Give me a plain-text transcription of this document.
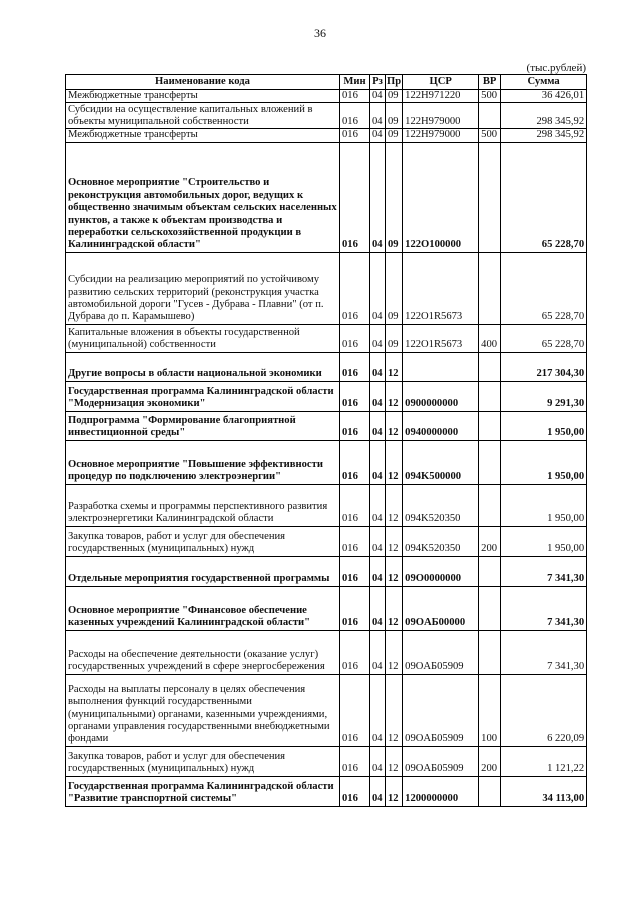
36
(тыс.рублей)
Наименование кода	Мин	Рз	Пр	ЦСР	ВР	Сумма
Межбюджетные трансферты	016	04	09	122H971220	500	36 426,01
Субсидии на осуществление капитальных вложений в объекты муниципальной собственности	016	04	09	122H979000		298 345,92
Межбюджетные трансферты	016	04	09	122H979000	500	298 345,92
Основное мероприятие "Строительство и реконструкция автомобильных дорог, ведущих к общественно значимым объектам сельских населенных пунктов, а также к объектам производства и переработки сельскохозяйственной продукции в Калининградской области"	016	04	09	122O100000		65 228,70
Субсидии на реализацию мероприятий по устойчивому развитию сельских территорий (реконструкция участка автомобильной дороги "Гусев - Дубрава - Плавни" (от п. Дубрава до п. Карамышево)	016	04	09	122O1R5673		65 228,70
Капитальные вложения в объекты государственной (муниципальной) собственности	016	04	09	122O1R5673	400	65 228,70
Другие вопросы в области национальной экономики	016	04	12			217 304,30
Государственная программа Калининградской области "Модернизация экономики"	016	04	12	0900000000		9 291,30
Подпрограмма "Формирование благоприятной инвестиционной среды"	016	04	12	0940000000		1 950,00
Основное мероприятие "Повышение эффективности процедур по подключению электроэнергии"	016	04	12	094K500000		1 950,00
Разработка схемы и программы перспективного развития электроэнергетики Калининградской области	016	04	12	094K520350		1 950,00
Закупка товаров, работ и услуг для обеспечения государственных (муниципальных) нужд	016	04	12	094K520350	200	1 950,00
Отдельные мероприятия государственной программы	016	04	12	09O0000000		7 341,30
Основное мероприятие "Финансовое обеспечение казенных учреждений Калининградской области"	016	04	12	09OAБ00000		7 341,30
Расходы на обеспечение деятельности (оказание услуг) государственных учреждений в сфере энергосбережения	016	04	12	09OAБ05909		7 341,30
Расходы на выплаты персоналу в целях обеспечения выполнения функций государственными (муниципальными) органами, казенными учреждениями, органами управления государственными внебюджетными фондами	016	04	12	09OAБ05909	100	6 220,09
Закупка товаров, работ и услуг для обеспечения государственных (муниципальных) нужд	016	04	12	09OAБ05909	200	1 121,22
Государственная программа Калининградской области "Развитие транспортной системы"	016	04	12	1200000000		34 113,00
